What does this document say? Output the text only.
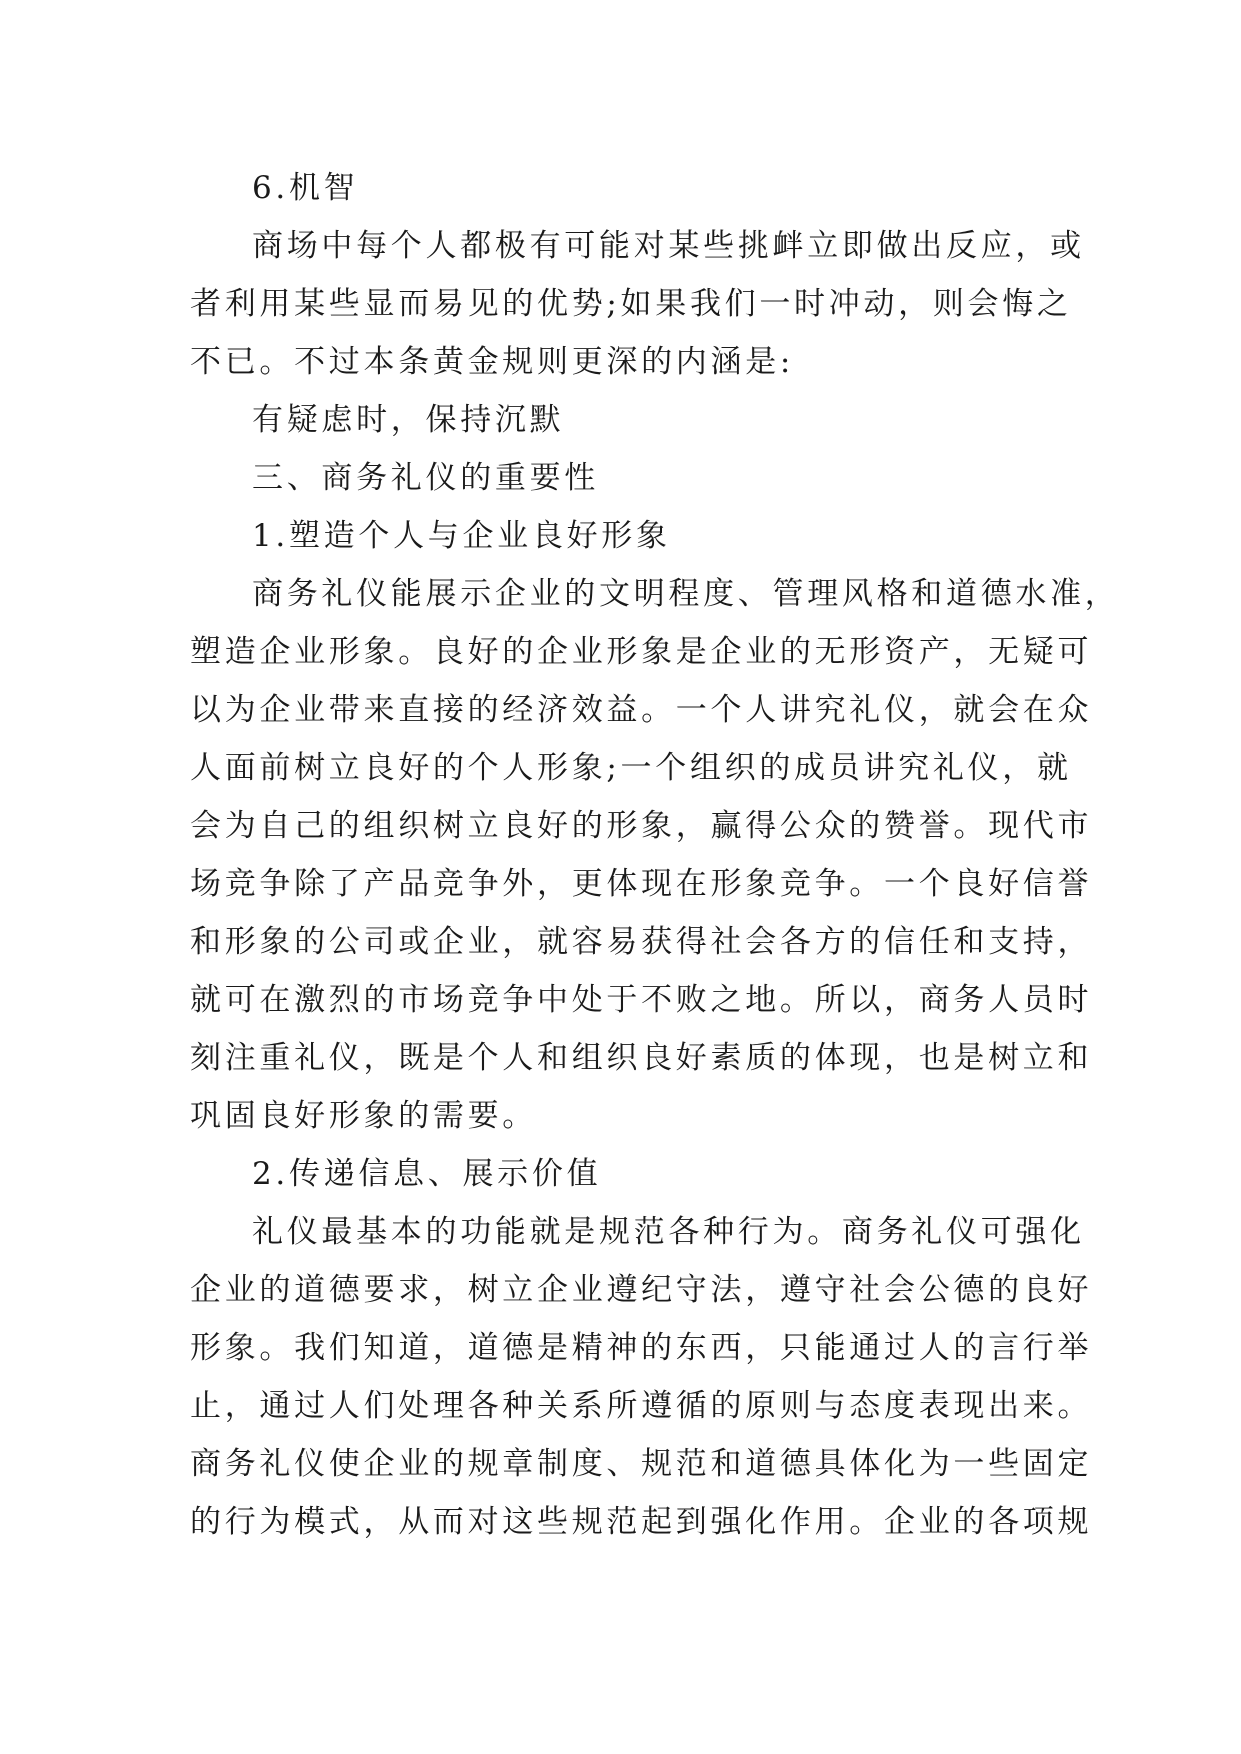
6.机智
商场中每个人都极有可能对某些挑衅立即做出反应，或
者利用某些显而易见的优势;如果我们一时冲动，则会悔之
不已。不过本条黄金规则更深的内涵是:
有疑虑时，保持沉默
三、商务礼仪的重要性
1.塑造个人与企业良好形象
商务礼仪能展示企业的文明程度、管理风格和道德水准，
塑造企业形象。良好的企业形象是企业的无形资产，无疑可
以为企业带来直接的经济效益。一个人讲究礼仪，就会在众
人面前树立良好的个人形象;一个组织的成员讲究礼仪，就
会为自己的组织树立良好的形象，赢得公众的赞誉。现代市
场竞争除了产品竞争外，更体现在形象竞争。一个良好信誉
和形象的公司或企业，就容易获得社会各方的信任和支持，
就可在激烈的市场竞争中处于不败之地。所以，商务人员时
刻注重礼仪，既是个人和组织良好素质的体现，也是树立和
巩固良好形象的需要。
2.传递信息、展示价值
礼仪最基本的功能就是规范各种行为。商务礼仪可强化
企业的道德要求，树立企业遵纪守法，遵守社会公德的良好
形象。我们知道，道德是精神的东西，只能通过人的言行举
止，通过人们处理各种关系所遵循的原则与态度表现出来。
商务礼仪使企业的规章制度、规范和道德具体化为一些固定
的行为模式，从而对这些规范起到强化作用。企业的各项规
